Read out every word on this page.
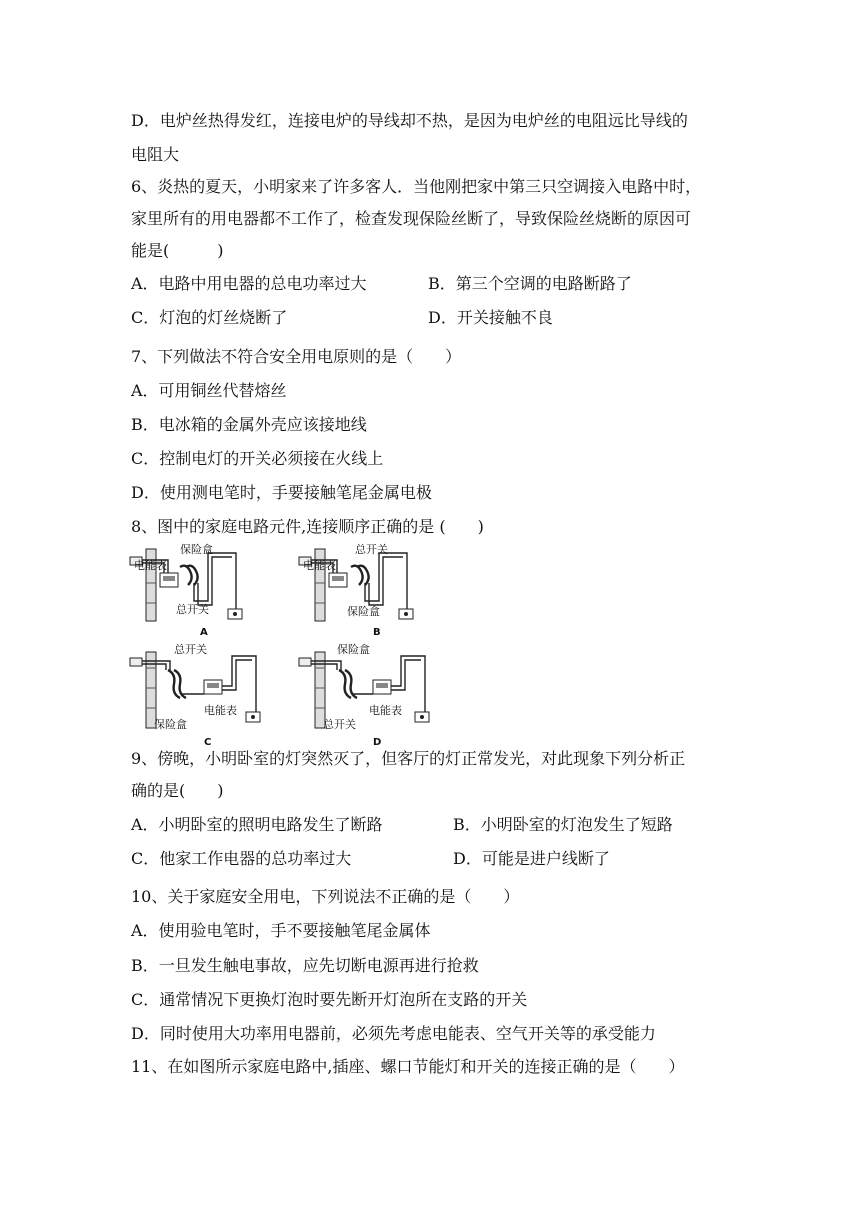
D．电炉丝热得发红，连接电炉的导线却不热，是因为电炉丝的电阻远比导线的
电阻大
6、炎热的夏天，小明家来了许多客人．当他刚把家中第三只空调接入电路中时，
家里所有的用电器都不工作了，检查发现保险丝断了，导致保险丝烧断的原因可
能是(　　　)
A．电路中用电器的总电功率过大	B．第三个空调的电路断路了
C．灯泡的灯丝烧断了	D．开关接触不良
7、下列做法不符合安全用电原则的是（　　）
A．可用铜丝代替熔丝
B．电冰箱的金属外壳应该接地线
C．控制电灯的开关必须接在火线上
D．使用测电笔时，手要接触笔尾金属电极
8、图中的家庭电路元件,连接顺序正确的是 (　　)
保险盒
电能表
总开关
A
总开关
电能表
保险盒
B
总开关
电能表
保险盒
C
保险盒
电能表
总开关
D
9、傍晚，小明卧室的灯突然灭了，但客厅的灯正常发光，对此现象下列分析正
确的是(　　)
A．小明卧室的照明电路发生了断路	B．小明卧室的灯泡发生了短路
C．他家工作电器的总功率过大	D．可能是进户线断了
10、关于家庭安全用电，下列说法不正确的是（　　）
A．使用验电笔时，手不要接触笔尾金属体
B．一旦发生触电事故，应先切断电源再进行抢救
C．通常情况下更换灯泡时要先断开灯泡所在支路的开关
D．同时使用大功率用电器前，必须先考虑电能表、空气开关等的承受能力
11、在如图所示家庭电路中,插座、螺口节能灯和开关的连接正确的是（　　）
